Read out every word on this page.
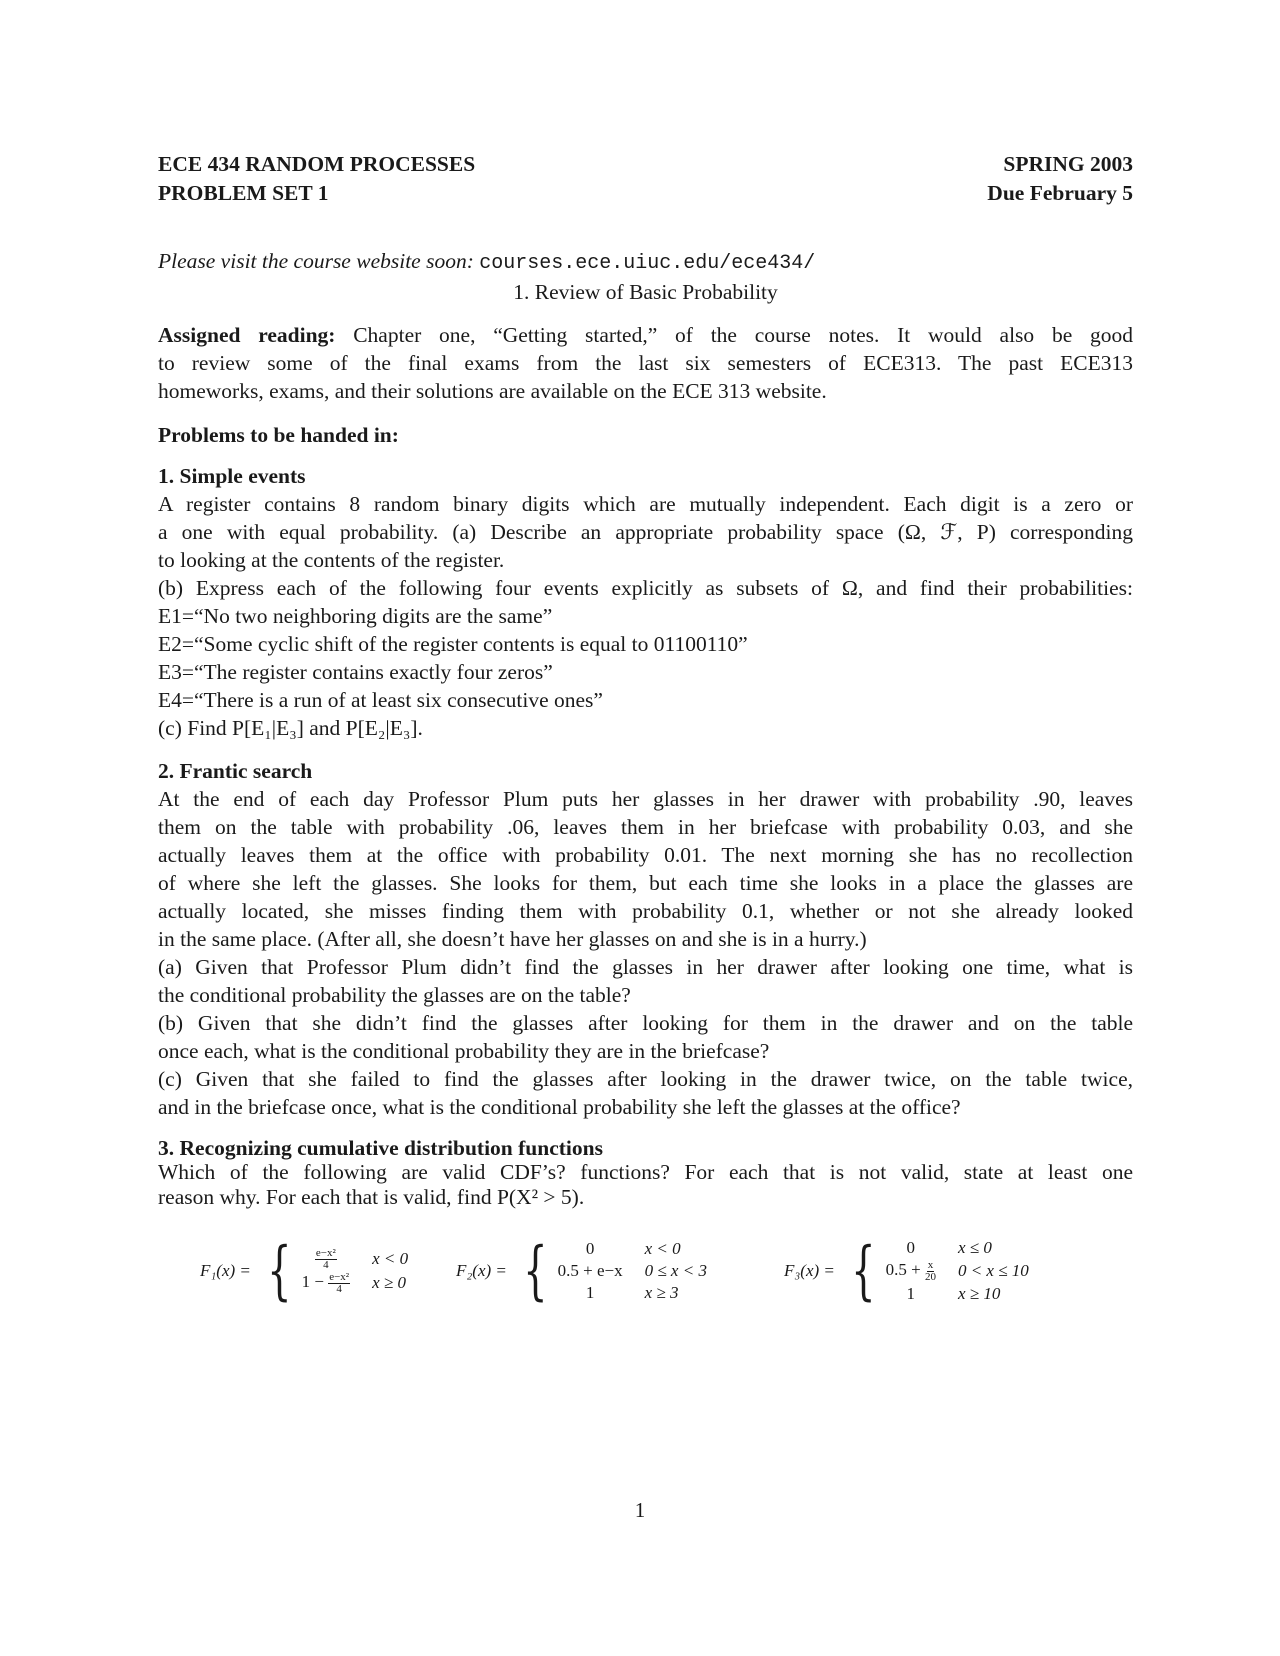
ECE 434 RANDOM PROCESSES
PROBLEM SET 1
SPRING 2003
Due February 5
Please visit the course website soon: courses.ece.uiuc.edu/ece434/
1. Review of Basic Probability
Assigned reading: Chapter one, “Getting started,” of the course notes. It would also be good
to review some of the final exams from the last six semesters of ECE313. The past ECE313
homeworks, exams, and their solutions are available on the ECE 313 website.
Problems to be handed in:
1. Simple events
A register contains 8 random binary digits which are mutually independent. Each digit is a zero or
a one with equal probability. (a) Describe an appropriate probability space (Ω, ℱ, P) corresponding
to looking at the contents of the register.
(b) Express each of the following four events explicitly as subsets of Ω, and find their probabilities:
E1=“No two neighboring digits are the same”
E2=“Some cyclic shift of the register contents is equal to 01100110”
E3=“The register contains exactly four zeros”
E4=“There is a run of at least six consecutive ones”
(c) Find P[E₁|E₃] and P[E₂|E₃].
2. Frantic search
At the end of each day Professor Plum puts her glasses in her drawer with probability .90, leaves
them on the table with probability .06, leaves them in her briefcase with probability 0.03, and she
actually leaves them at the office with probability 0.01. The next morning she has no recollection
of where she left the glasses. She looks for them, but each time she looks in a place the glasses are
actually located, she misses finding them with probability 0.1, whether or not she already looked
in the same place. (After all, she doesn’t have her glasses on and she is in a hurry.)
(a) Given that Professor Plum didn’t find the glasses in her drawer after looking one time, what is
the conditional probability the glasses are on the table?
(b) Given that she didn’t find the glasses after looking for them in the drawer and on the table
once each, what is the conditional probability they are in the briefcase?
(c) Given that she failed to find the glasses after looking in the drawer twice, on the table twice,
and in the briefcase once, what is the conditional probability she left the glasses at the office?
3. Recognizing cumulative distribution functions
Which of the following are valid CDF’s? functions? For each that is not valid, state at least one
reason why. For each that is valid, find P(X² > 5).
F₁(x) = { $\frac{\text{e−x²}}{4}$ x < 0
$1 - \frac{\text{e−x²}}{4}$ x ≥ 0
F₂(x) = {	0	x < 0
0.5 + e−x 0 ≤ x < 3
1	x ≥ 3
F₃(x) = {	0	x ≤ 0
$0.5 + \frac{x}{20} 0 < x \le 10$
1	x ≥ 10
1
